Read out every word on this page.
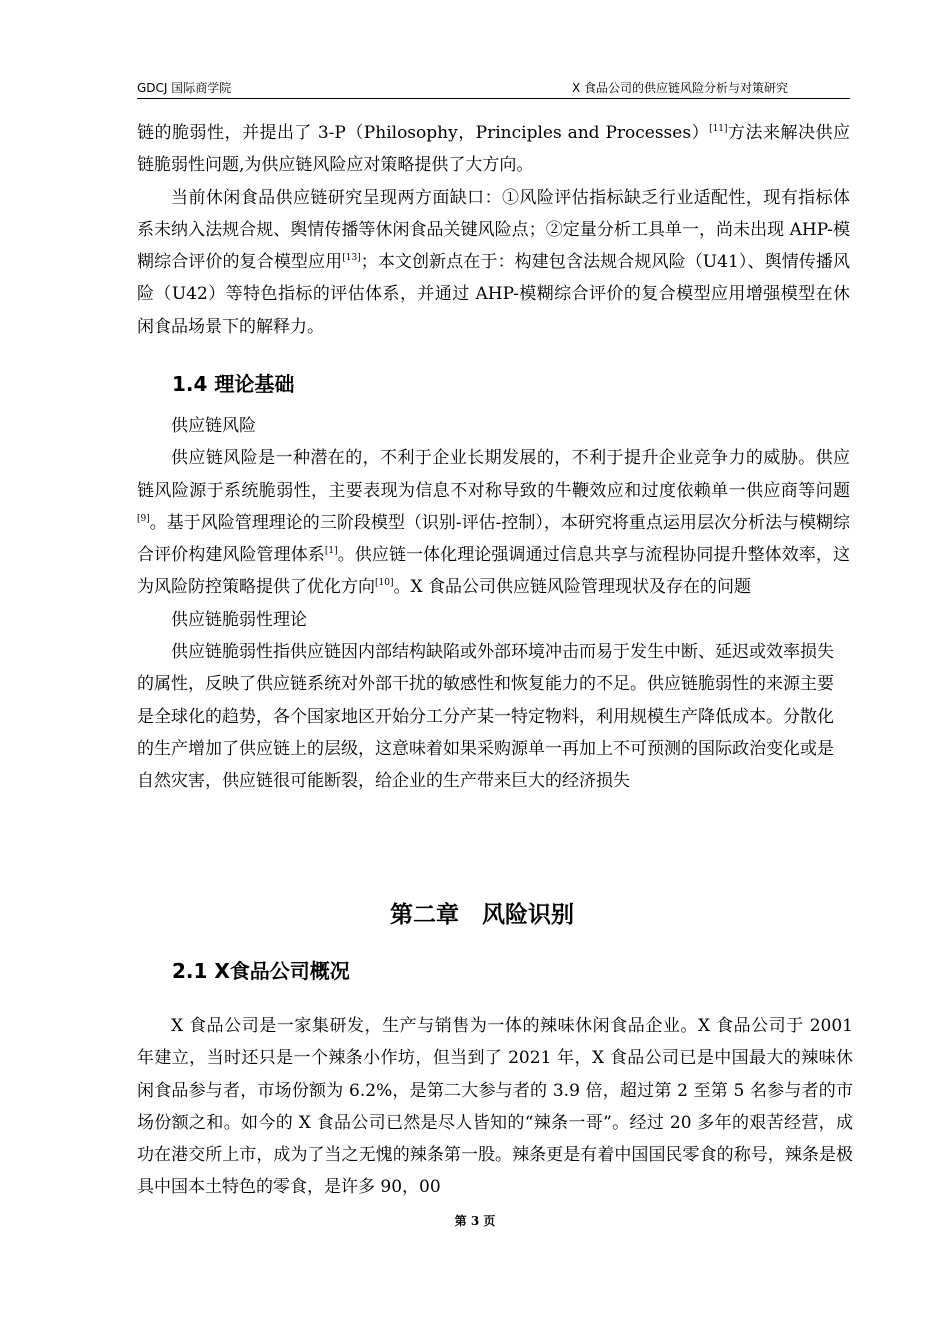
GDCJ 国际商学院	X 食品公司的供应链风险分析与对策研究

链的脆弱性，并提出了 3-P（Philosophy，Principles and Processes）[11]方法来解决供应链脆弱性问题,为供应链风险应对策略提供了大方向。

当前休闲食品供应链研究呈现两方面缺口：①风险评估指标缺乏行业适配性，现有指标体系未纳入法规合规、舆情传播等休闲食品关键风险点；②定量分析工具单一，尚未出现 AHP-模糊综合评价的复合模型应用[13]；本文创新点在于：构建包含法规合规风险（U41）、舆情传播风险（U42）等特色指标的评估体系，并通过 AHP-模糊综合评价的复合模型应用增强模型在休闲食品场景下的解释力。

1.4 理论基础

供应链风险

供应链风险是一种潜在的，不利于企业长期发展的，不利于提升企业竞争力的威胁。供应链风险源于系统脆弱性，主要表现为信息不对称导致的牛鞭效应和过度依赖单一供应商等问题[9]。基于风险管理理论的三阶段模型（识别-评估-控制），本研究将重点运用层次分析法与模糊综合评价构建风险管理体系[1]。供应链一体化理论强调通过信息共享与流程协同提升整体效率，这为风险防控策略提供了优化方向[10]。X 食品公司供应链风险管理现状及存在的问题

供应链脆弱性理论

供应链脆弱性指供应链因内部结构缺陷或外部环境冲击而易于发生中断、延迟或效率损失的属性，反映了供应链系统对外部干扰的敏感性和恢复能力的不足。供应链脆弱性的来源主要是全球化的趋势，各个国家地区开始分工分产某一特定物料，利用规模生产降低成本。分散化的生产增加了供应链上的层级，这意味着如果采购源单一再加上不可预测的国际政治变化或是自然灾害，供应链很可能断裂，给企业的生产带来巨大的经济损失

第二章　风险识别
2.1 X食品公司概况

X 食品公司是一家集研发，生产与销售为一体的辣味休闲食品企业。X 食品公司于 2001 年建立，当时还只是一个辣条小作坊，但当到了 2021 年，X 食品公司已是中国最大的辣味休闲食品参与者，市场份额为 6.2%，是第二大参与者的 3.9 倍，超过第 2 至第 5 名参与者的市场份额之和。如今的 X 食品公司已然是尽人皆知的“辣条一哥”。经过 20 多年的艰苦经营，成功在港交所上市，成为了当之无愧的辣条第一股。辣条更是有着中国国民零食的称号，辣条是极具中国本土特色的零食，是许多 90，00

第 3 页
